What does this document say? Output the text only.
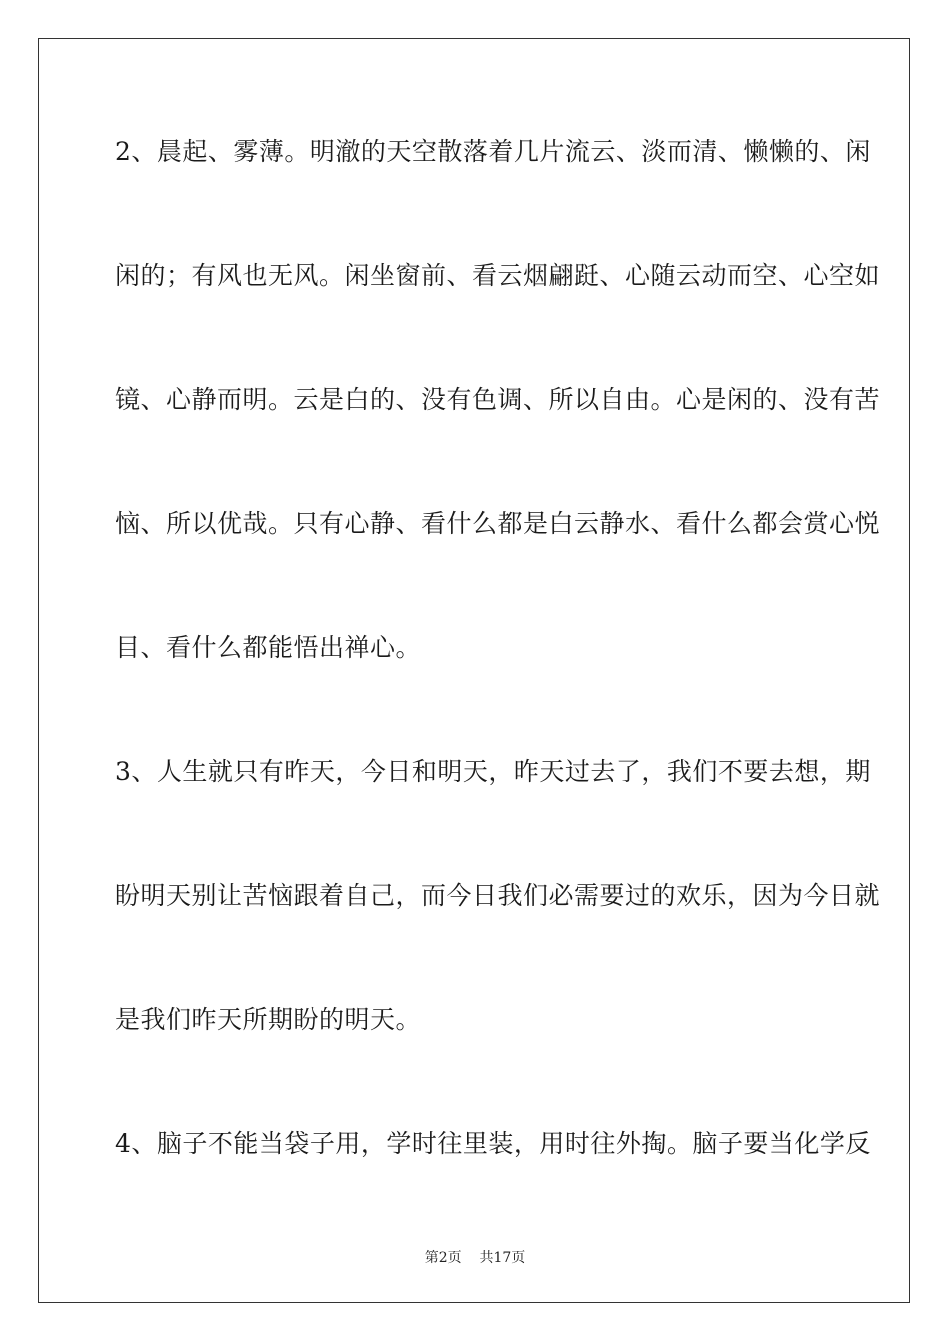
2、晨起、雾薄。明澈的天空散落着几片流云、淡而清、懒懒的、闲
闲的；有风也无风。闲坐窗前、看云烟翩跹、心随云动而空、心空如
镜、心静而明。云是白的、没有色调、所以自由。心是闲的、没有苦
恼、所以优哉。只有心静、看什么都是白云静水、看什么都会赏心悦
目、看什么都能悟出禅心。
3、人生就只有昨天，今日和明天，昨天过去了，我们不要去想，期
盼明天别让苦恼跟着自己，而今日我们必需要过的欢乐，因为今日就
是我们昨天所期盼的明天。
4、脑子不能当袋子用，学时往里装，用时往外掏。脑子要当化学反
第2页    共17页
